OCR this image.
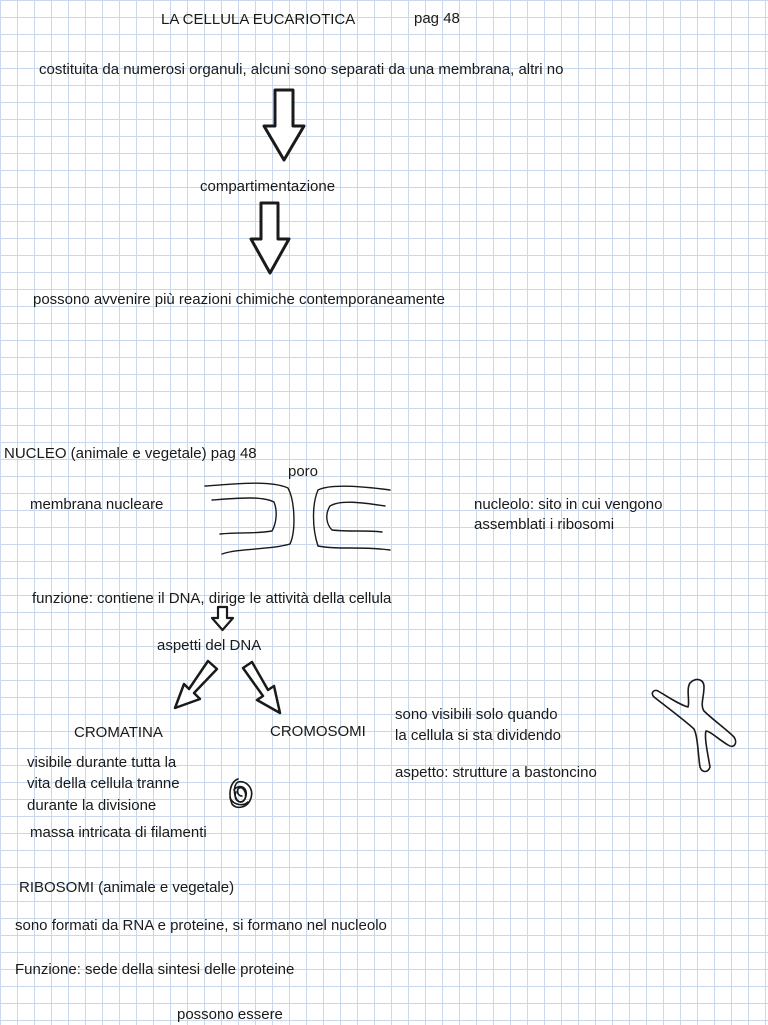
LA CELLULA EUCARIOTICA	pag 48
costituita da numerosi organuli, alcuni sono separati da una membrana, altri no
compartimentazione
possono avvenire più reazioni chimiche contemporaneamente
NUCLEO (animale e vegetale) pag 48
poro
membrana nucleare	nucleolo: sito in cui vengono
assemblati i ribosomi
funzione: contiene il DNA, dirige le attività della cellula
aspetti del DNA
CROMATINA	CROMOSOMI
visibile durante tutta la
vita della cellula tranne
durante la divisione
massa intricata di filamenti
sono visibili solo quando
la cellula si sta dividendo
aspetto: strutture a bastoncino
RIBOSOMI (animale e vegetale)
sono formati da RNA e proteine, si formano nel nucleolo
Funzione: sede della sintesi delle proteine
possono essere
